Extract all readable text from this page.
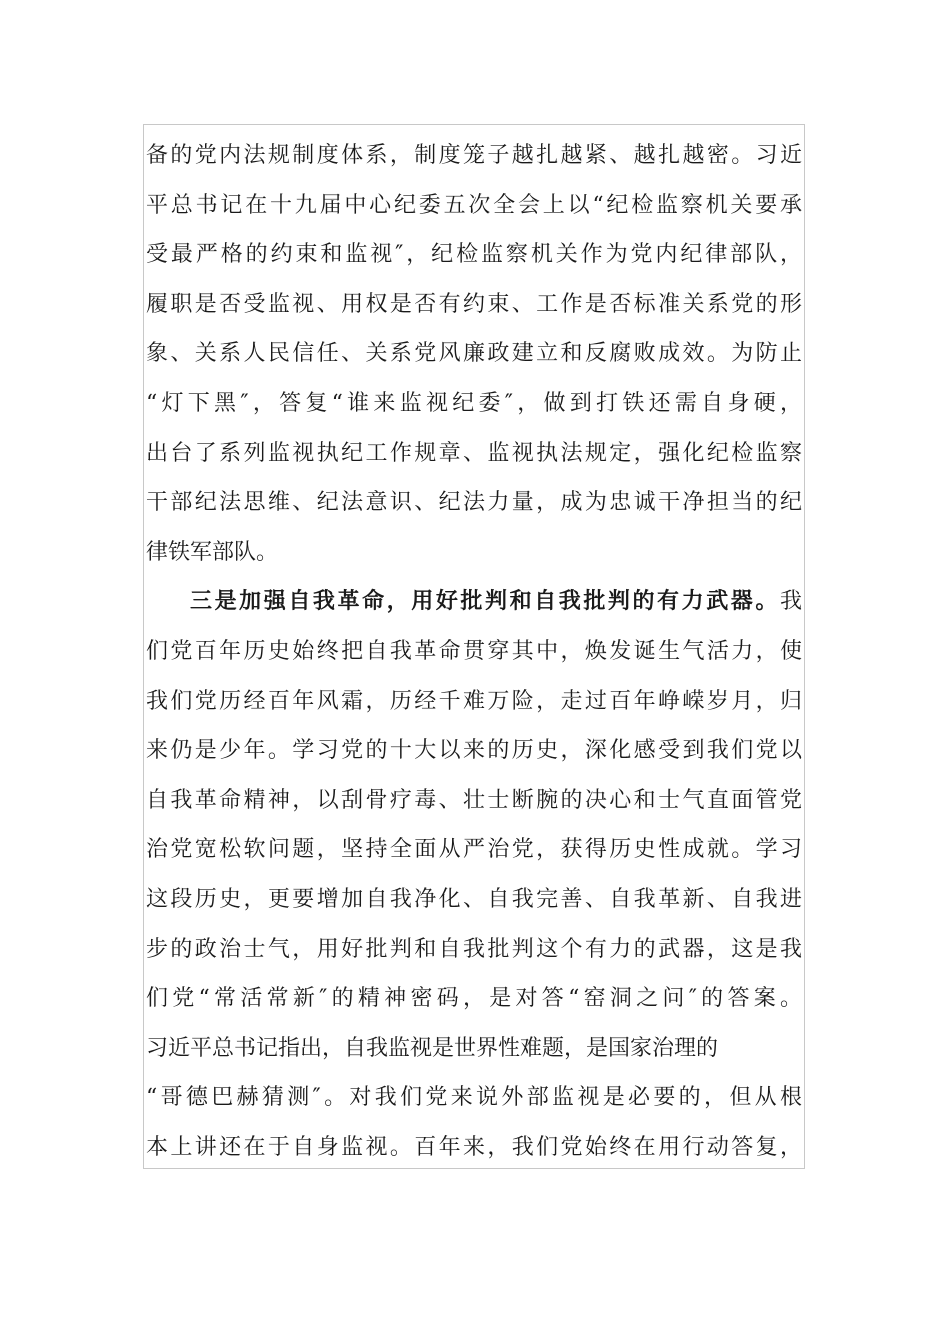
备的党内法规制度体系，制度笼子越扎越紧、越扎越密。习近
平总书记在十九届中心纪委五次全会上以“纪检监察机关要承
受最严格的约束和监视″，纪检监察机关作为党内纪律部队，
履职是否受监视、用权是否有约束、工作是否标准关系党的形
象、关系人民信任、关系党风廉政建立和反腐败成效。为防止
“灯下黑″，答复“谁来监视纪委″，做到打铁还需自身硬，
出台了系列监视执纪工作规章、监视执法规定，强化纪检监察
干部纪法思维、纪法意识、纪法力量，成为忠诚干净担当的纪
律铁军部队。
三是加强自我革命，用好批判和自我批判的有力武器。我
们党百年历史始终把自我革命贯穿其中，焕发诞生气活力，使
我们党历经百年风霜，历经千难万险，走过百年峥嵘岁月，归
来仍是少年。学习党的十大以来的历史，深化感受到我们党以
自我革命精神，以刮骨疗毒、壮士断腕的决心和士气直面管党
治党宽松软问题，坚持全面从严治党，获得历史性成就。学习
这段历史，更要增加自我净化、自我完善、自我革新、自我进
步的政治士气，用好批判和自我批判这个有力的武器，这是我
们党“常活常新″的精神密码，是对答“窑洞之问″的答案。
习近平总书记指出，自我监视是世界性难题，是国家治理的
“哥德巴赫猜测″。对我们党来说外部监视是必要的，但从根
本上讲还在于自身监视。百年来，我们党始终在用行动答复，
